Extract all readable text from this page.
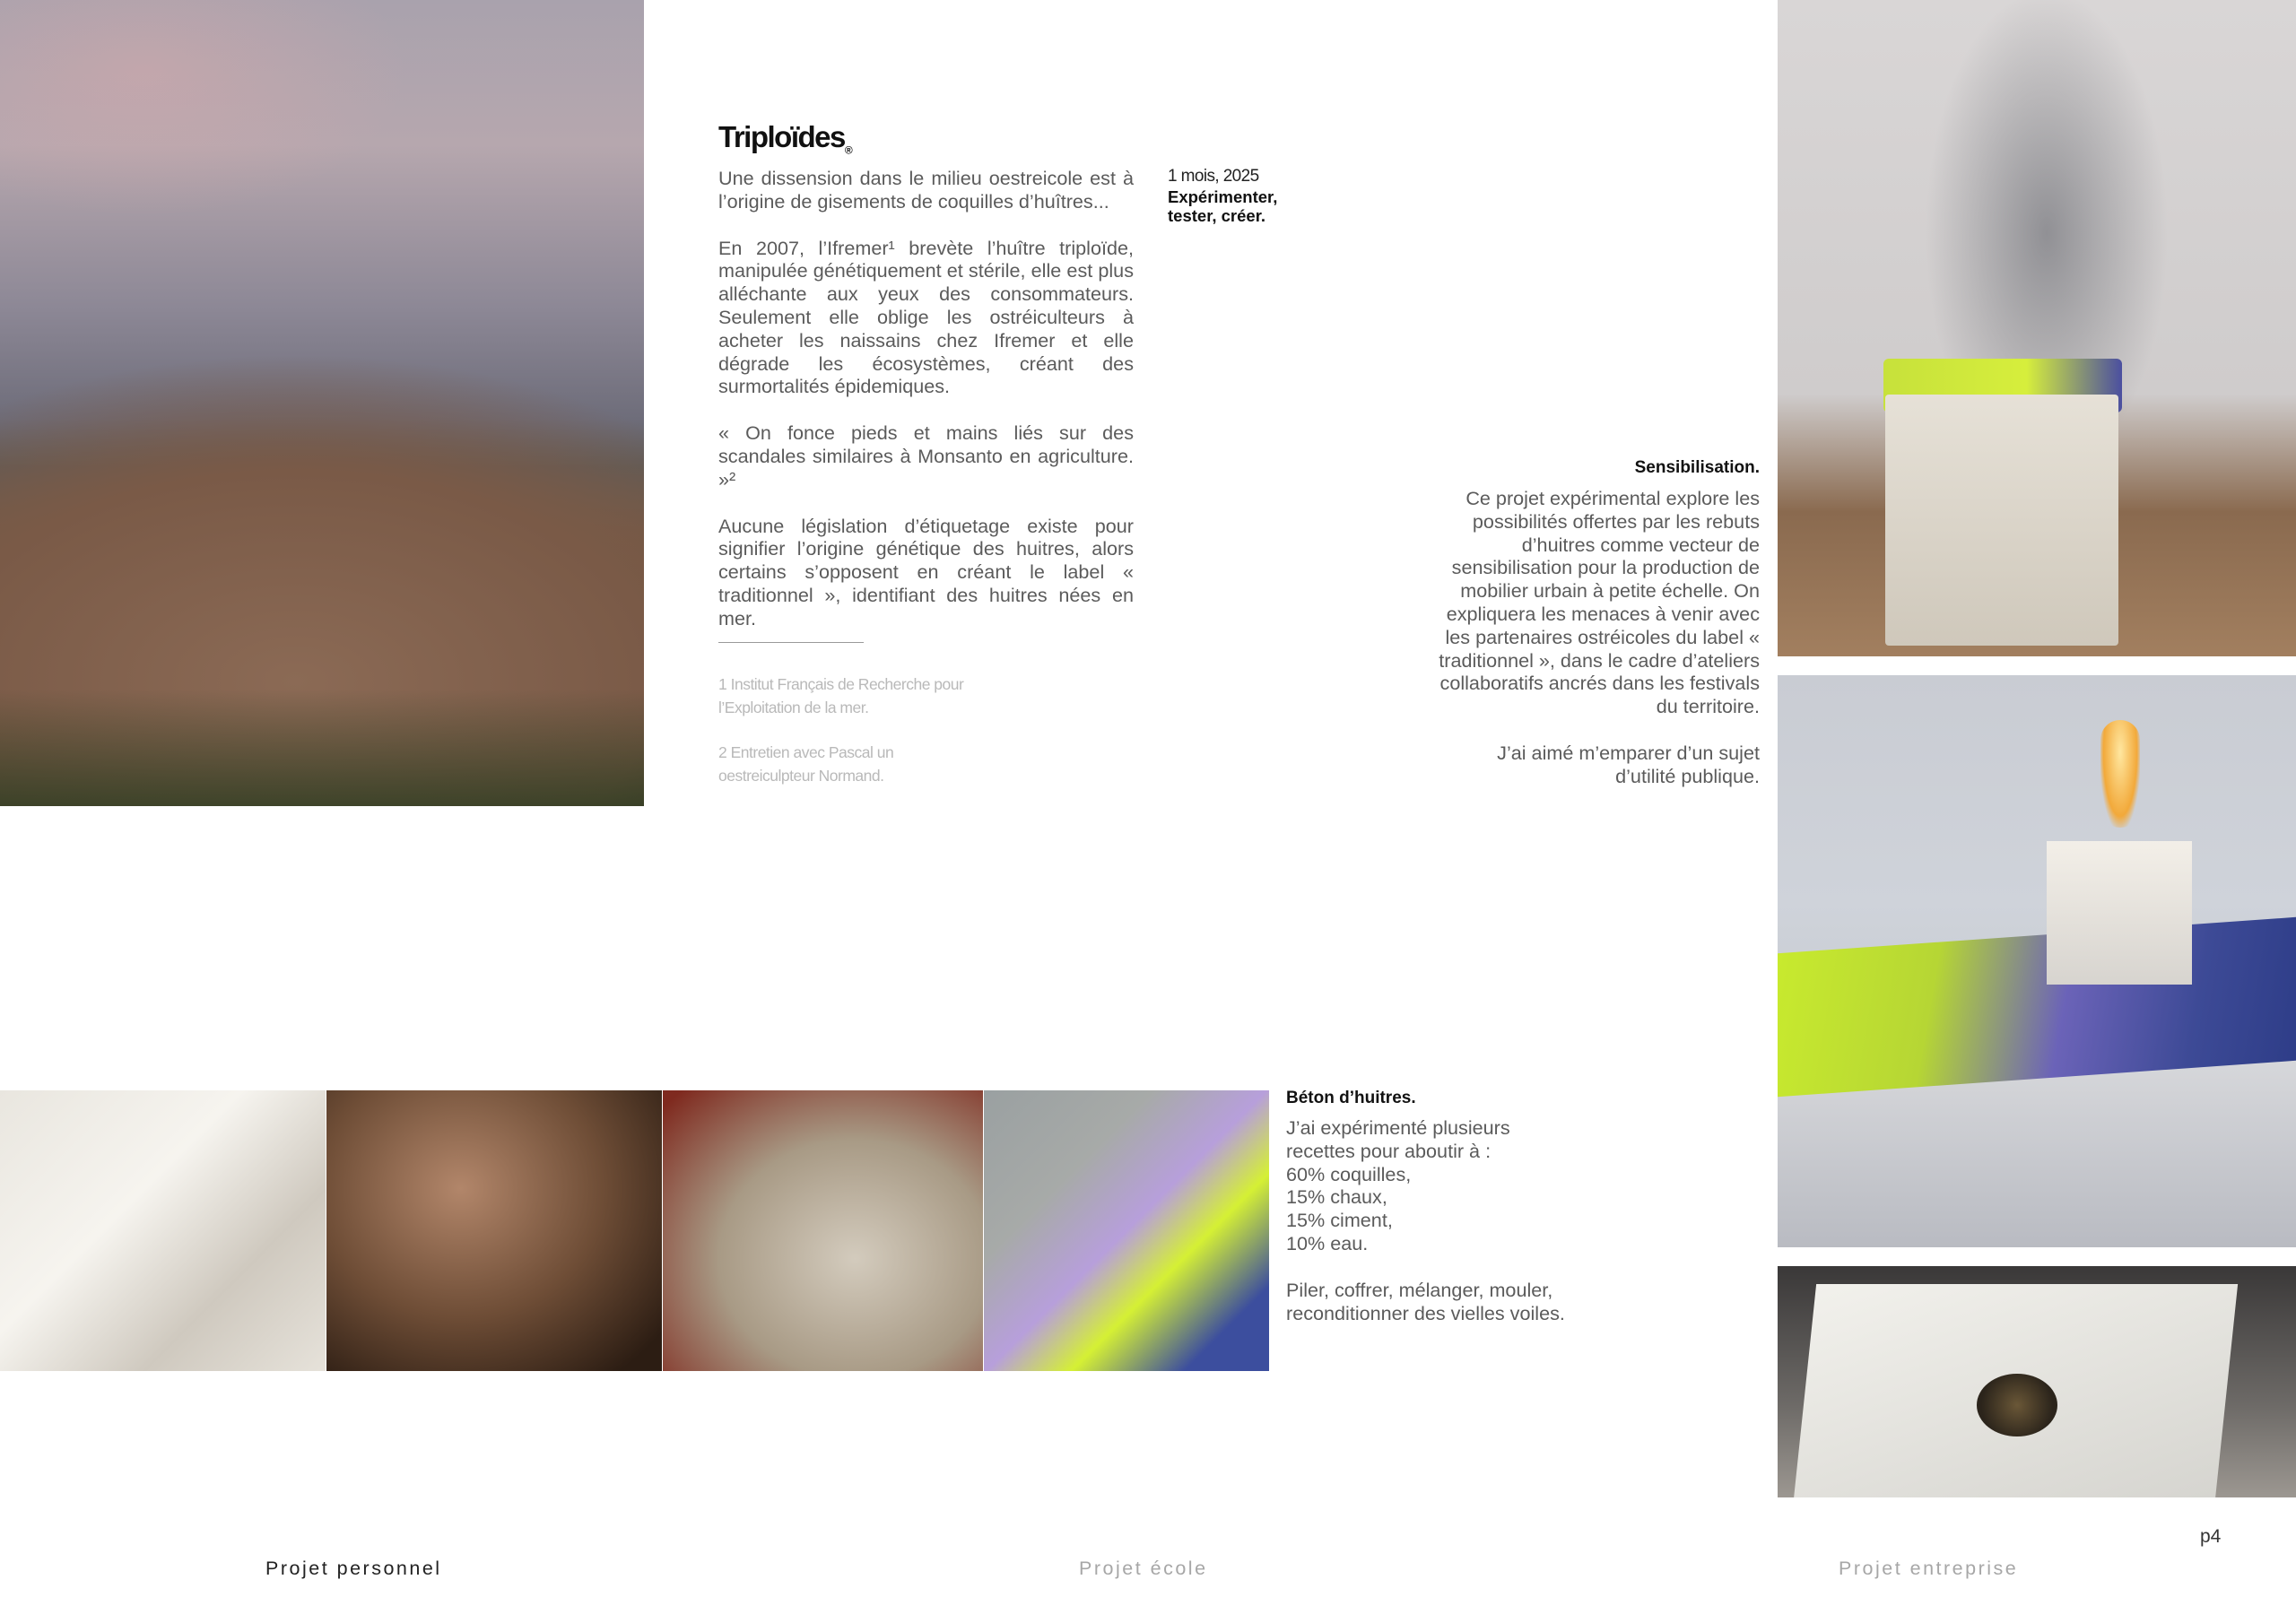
Triploïdes$_®$

Une dissension dans le milieu oestreicole est à l’origine de gisements de coquilles d’huîtres...

En 2007, l’Ifremer¹ brevète l’huître triploïde, manipulée génétiquement et stérile, elle est plus alléchante aux yeux des consommateurs. Seulement elle oblige les ostréiculteurs à acheter les naissains chez Ifremer et elle dégrade les écosystèmes, créant des surmortalités épidemiques.

« On fonce pieds et mains liés sur des scandales similaires à Monsanto en agriculture. »²

Aucune législation d’étiquetage existe pour signifier l’origine génétique des huitres, alors certains s’opposent en créant le label « traditionnel », identifiant des huitres nées en mer.

1 mois, 2025
Expérimenter, tester, créer.

1 Institut Français de Recherche pour l’Exploitation de la mer.

2 Entretien avec Pascal un oestreiculpteur Normand.

Sensibilisation.

Ce projet expérimental explore les possibilités offertes par les rebuts d’huitres comme vecteur de sensibilisation pour la production de mobilier urbain à petite échelle. On expliquera les menaces à venir avec les partenaires ostréicoles du label « traditionnel », dans le cadre d’ateliers collaboratifs ancrés dans les festivals du territoire.

J’ai aimé m’emparer d’un sujet d’utilité publique.

Béton d’huitres.

J’ai expérimenté plusieurs recettes pour aboutir à :
60% coquilles,
15% chaux,
15% ciment,
10% eau.

Piler, coffrer, mélanger, mouler, reconditionner des vielles voiles.

p4
Projet personnel	Projet école	Projet entreprise
